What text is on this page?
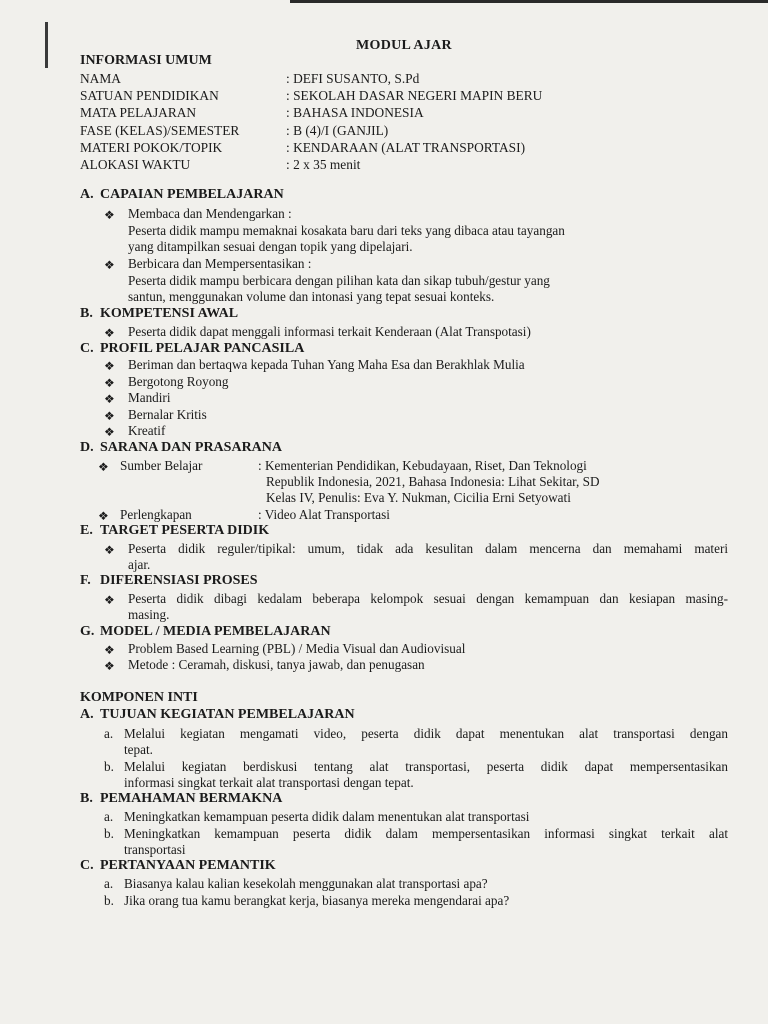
MODUL AJAR
INFORMASI UMUM
NAMA	: DEFI SUSANTO, S.Pd
SATUAN PENDIDIKAN	: SEKOLAH DASAR NEGERI MAPIN BERU
MATA PELAJARAN	: BAHASA INDONESIA
FASE (KELAS)/SEMESTER	: B (4)/I (GANJIL)
MATERI POKOK/TOPIK	: KENDARAAN (ALAT TRANSPORTASI)
ALOKASI WAKTU	: 2 x 35 menit
A. CAPAIAN PEMBELAJARAN
❖ Membaca dan Mendengarkan :
Peserta didik mampu memaknai kosakata baru dari teks yang dibaca atau tayangan
yang ditampilkan sesuai dengan topik yang dipelajari.
❖ Berbicara dan Mempersentasikan :
Peserta didik mampu berbicara dengan pilihan kata dan sikap tubuh/gestur yang
santun, menggunakan volume dan intonasi yang tepat sesuai konteks.
B. KOMPETENSI AWAL
❖ Peserta didik dapat menggali informasi terkait Kenderaan (Alat Transpotasi)
C. PROFIL PELAJAR PANCASILA
❖ Beriman dan bertaqwa kepada Tuhan Yang Maha Esa dan Berakhlak Mulia
❖ Bergotong Royong
❖ Mandiri
❖ Bernalar Kritis
❖ Kreatif
D. SARANA DAN PRASARANA
❖ Sumber Belajar	: Kementerian Pendidikan, Kebudayaan, Riset, Dan Teknologi
Republik Indonesia, 2021, Bahasa Indonesia: Lihat Sekitar, SD
Kelas IV, Penulis: Eva Y. Nukman, Cicilia Erni Setyowati
❖ Perlengkapan	: Video Alat Transportasi
E. TARGET PESERTA DIDIK
❖ Peserta didik reguler/tipikal: umum, tidak ada kesulitan dalam mencerna dan memahami materi
ajar.
F. DIFERENSIASI PROSES
❖ Peserta didik dibagi kedalam beberapa kelompok sesuai dengan kemampuan dan kesiapan masing-
masing.
G. MODEL / MEDIA PEMBELAJARAN
❖ Problem Based Learning (PBL) / Media Visual dan Audiovisual
❖ Metode : Ceramah, diskusi, tanya jawab, dan penugasan
KOMPONEN INTI
A. TUJUAN KEGIATAN PEMBELAJARAN
a. Melalui kegiatan mengamati video, peserta didik dapat menentukan alat transportasi dengan
tepat.
b. Melalui kegiatan berdiskusi tentang alat transportasi, peserta didik dapat mempersentasikan
informasi singkat terkait alat transportasi dengan tepat.
B. PEMAHAMAN BERMAKNA
a. Meningkatkan kemampuan peserta didik dalam menentukan alat transportasi
b. Meningkatkan kemampuan peserta didik dalam mempersentasikan informasi singkat terkait alat
transportasi
C. PERTANYAAN PEMANTIK
a. Biasanya kalau kalian kesekolah menggunakan alat transportasi apa?
b. Jika orang tua kamu berangkat kerja, biasanya mereka mengendarai apa?
